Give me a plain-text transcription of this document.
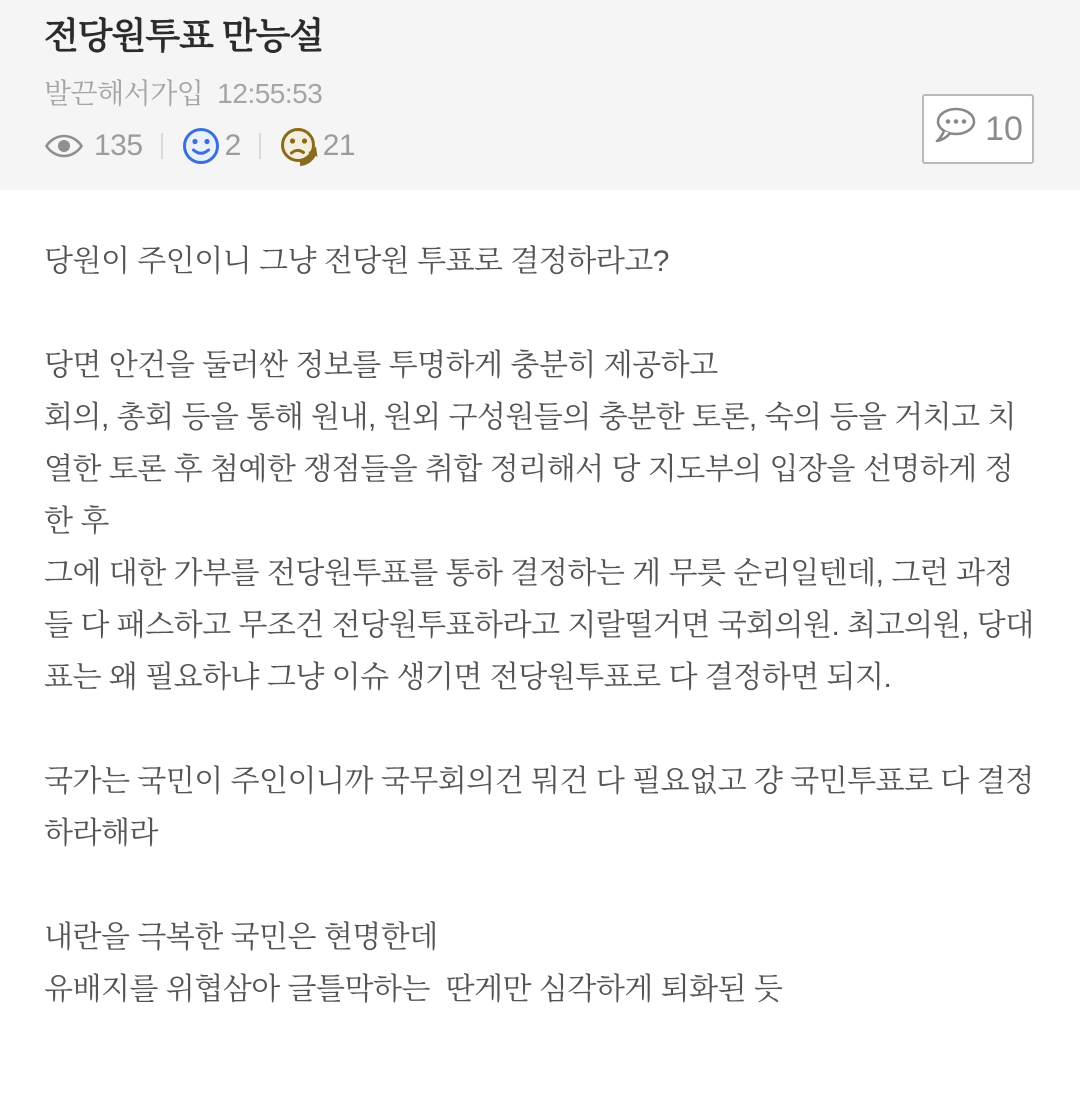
전당원투표 만능설
발끈해서가입 12:55:53
135	2	21	10
당원이 주인이니 그냥 전당원 투표로 결정하라고?
당면 안건을 둘러싼 정보를 투명하게 충분히 제공하고
회의, 총회 등을 통해 원내, 원외 구성원들의 충분한 토론, 숙의 등을 거치고 치열한 토론 후 첨예한 쟁점들을 취합 정리해서 당 지도부의 입장을 선명하게 정한 후
그에 대한 가부를 전당원투표를 통하 결정하는 게 무릇 순리일텐데, 그런 과정들 다 패스하고 무조건 전당원투표하라고 지랄떨거면 국회의원. 최고의원, 당대표는 왜 필요하냐 그냥 이슈 생기면 전당원투표로 다 결정하면 되지.
국가는 국민이 주인이니까 국무회의건 뭐건 다 필요없고 걍 국민투표로 다 결정하라해라
내란을 극복한 국민은 현명한데
유배지를 위협삼아 글틀막하는  딴게만 심각하게 퇴화된 듯
